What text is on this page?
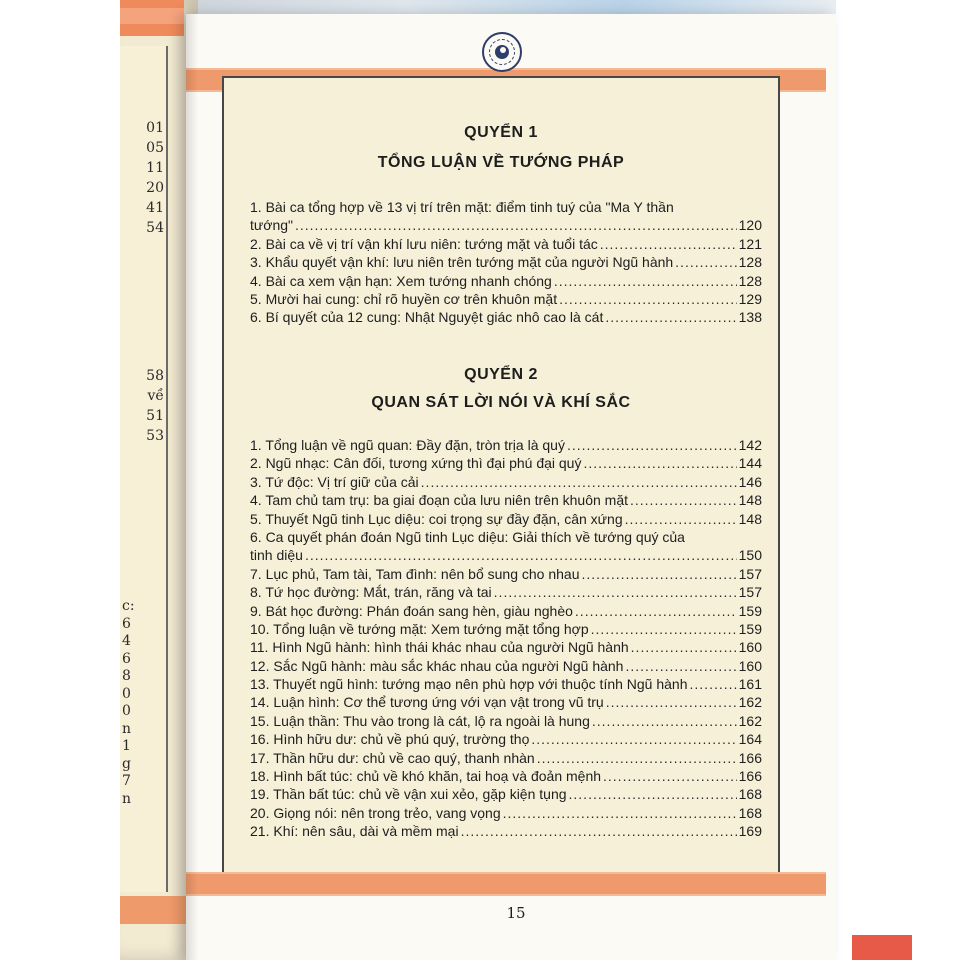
01
05
11
20
41
54
58
về
51
53
c:
6
4
6
8
0
0
n
1
g
7
n
QUYỂN 1
TỔNG LUẬN VỀ TƯỚNG PHÁP
1. Bài ca tổng hợp về 13 vị trí trên mặt: điểm tinh tuý của "Ma Y thần
tướng" .....	120
2. Bài ca về vị trí vận khí lưu niên: tướng mặt và tuổi tác .....	121
3. Khẩu quyết vận khí: lưu niên trên tướng mặt của người Ngũ hành .....	128
4. Bài ca xem vận hạn: Xem tướng nhanh chóng .....	128
5. Mười hai cung: chỉ rõ huyền cơ trên khuôn mặt .....	129
6. Bí quyết của 12 cung: Nhật Nguyệt giác nhô cao là cát .....	138
QUYỂN 2
QUAN SÁT LỜI NÓI VÀ KHÍ SẮC
1. Tổng luận về ngũ quan: Đầy đặn, tròn trịa là quý .....	142
2. Ngũ nhạc: Cân đối, tương xứng thì đại phú đại quý .....	144
3. Tứ độc: Vị trí giữ của cải .....	146
4. Tam chủ tam trụ: ba giai đoạn của lưu niên trên khuôn mặt .....	148
5. Thuyết Ngũ tinh Lục diệu: coi trọng sự đầy đặn, cân xứng .....	148
6. Ca quyết phán đoán Ngũ tinh Lục diệu: Giải thích về tướng quý của
tinh diệu .....	150
7. Lục phủ, Tam tài, Tam đình: nên bổ sung cho nhau .....	157
8. Tứ học đường: Mắt, trán, răng và tai .....	157
9. Bát học đường: Phán đoán sang hèn, giàu nghèo .....	159
10. Tổng luận về tướng mặt: Xem tướng mặt tổng hợp .....	159
11. Hình Ngũ hành: hình thái khác nhau của người Ngũ hành .....	160
12. Sắc Ngũ hành: màu sắc khác nhau của người Ngũ hành .....	160
13. Thuyết ngũ hình: tướng mạo nên phù hợp với thuộc tính Ngũ hành .....	161
14. Luận hình: Cơ thể tương ứng với vạn vật trong vũ trụ .....	162
15. Luận thần: Thu vào trong là cát, lộ ra ngoài là hung .....	162
16. Hình hữu dư: chủ về phú quý, trường thọ .....	164
17. Thần hữu dư: chủ về cao quý, thanh nhàn .....	166
18. Hình bất túc: chủ về khó khăn, tai hoạ và đoản mệnh .....	166
19. Thần bất túc: chủ về vận xui xẻo, gặp kiện tụng .....	168
20. Giọng nói: nên trong trẻo, vang vọng .....	168
21. Khí: nên sâu, dài và mềm mại .....	169
15
